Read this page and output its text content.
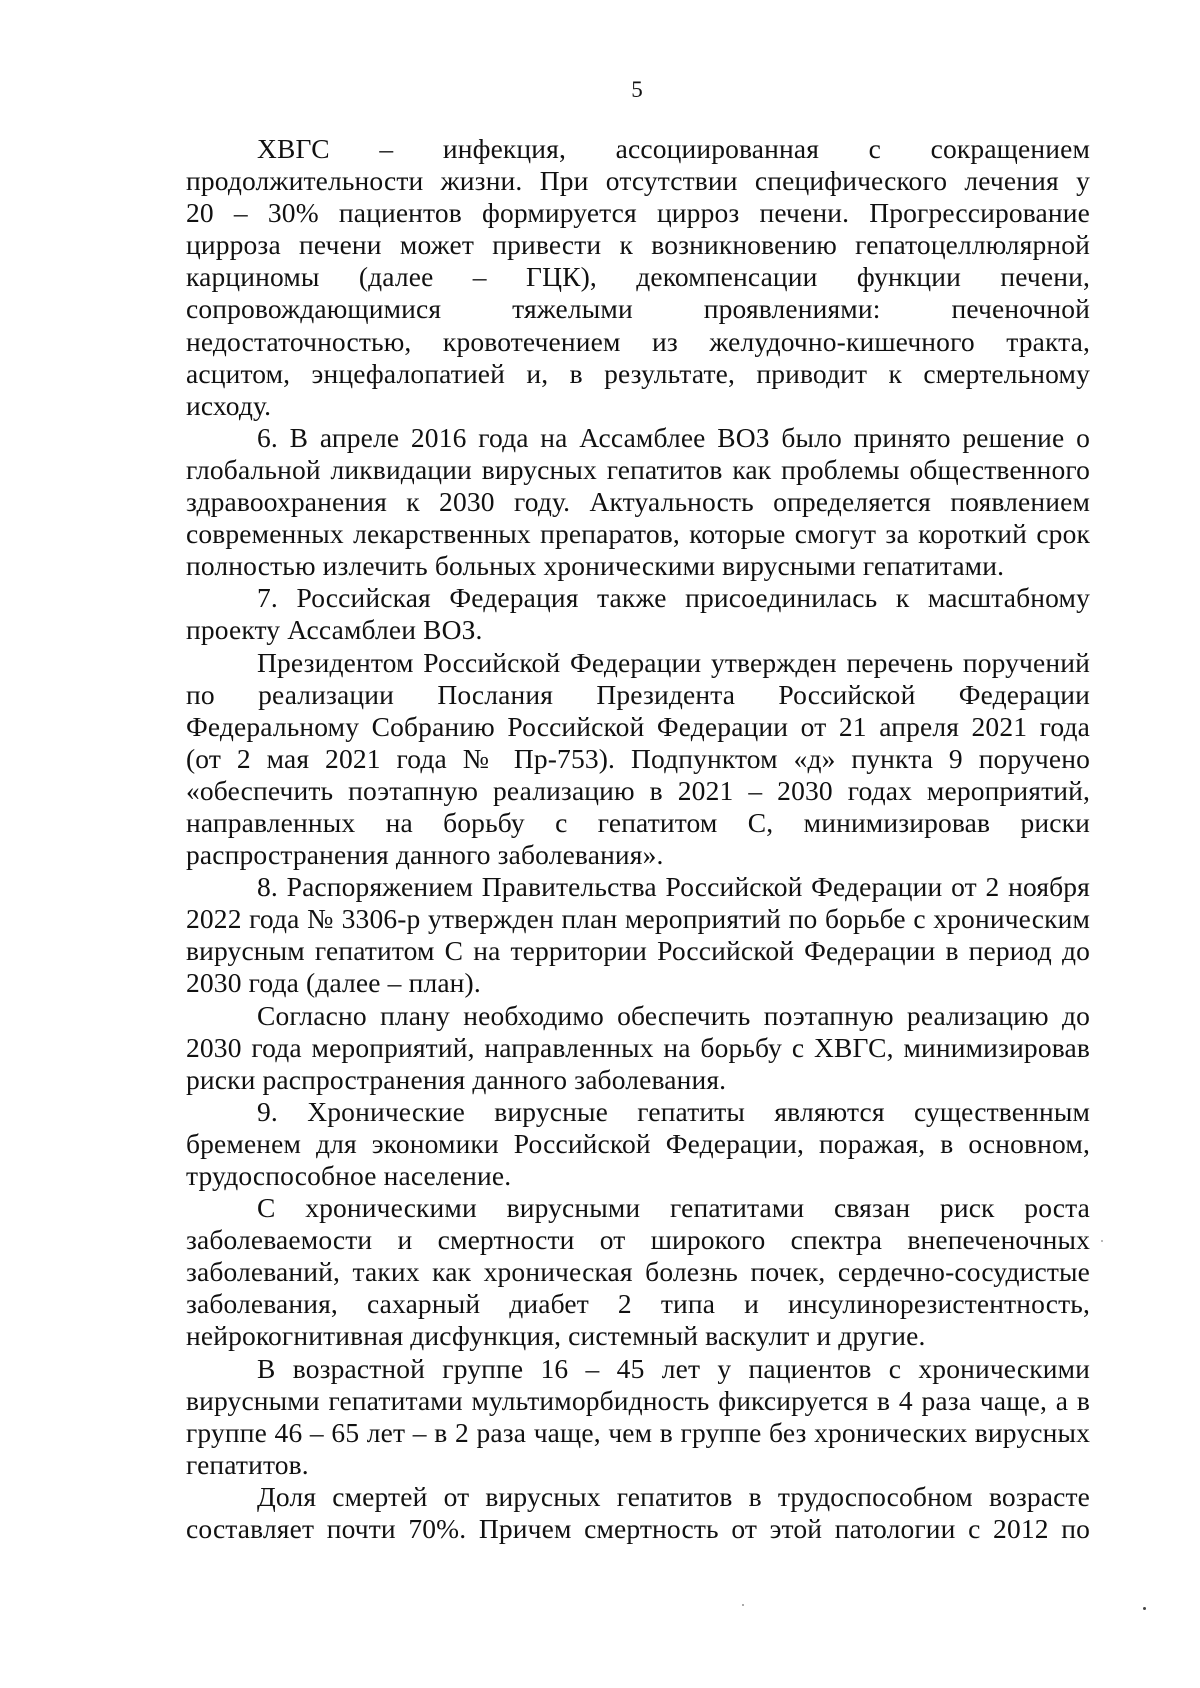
5

ХВГС – инфекция, ассоциированная с сокращением
продолжительности жизни. При отсутствии специфического лечения у
20 – 30% пациентов формируется цирроз печени. Прогрессирование
цирроза печени может привести к возникновению гепатоцеллюлярной
карциномы (далее – ГЦК), декомпенсации функции печени,
сопровождающимися тяжелыми проявлениями: печеночной
недостаточностью, кровотечением из желудочно-кишечного тракта,
асцитом, энцефалопатией и, в результате, приводит к смертельному
исходу.

6. В апреле 2016 года на Ассамблее ВОЗ было принято решение о
глобальной ликвидации вирусных гепатитов как проблемы общественного
здравоохранения к 2030 году. Актуальность определяется появлением
современных лекарственных препаратов, которые смогут за короткий срок
полностью излечить больных хроническими вирусными гепатитами.

7. Российская Федерация также присоединилась к масштабному
проекту Ассамблеи ВОЗ.

Президентом Российской Федерации утвержден перечень поручений
по реализации Послания Президента Российской Федерации
Федеральному Собранию Российской Федерации от 21 апреля 2021 года
(от 2 мая 2021 года № Пр-753). Подпунктом «д» пункта 9 поручено
«обеспечить поэтапную реализацию в 2021 – 2030 годах мероприятий,
направленных на борьбу с гепатитом С, минимизировав риски
распространения данного заболевания».

8. Распоряжением Правительства Российской Федерации от 2 ноября
2022 года № 3306-р утвержден план мероприятий по борьбе с хроническим
вирусным гепатитом С на территории Российской Федерации в период до
2030 года (далее – план).

Согласно плану необходимо обеспечить поэтапную реализацию до
2030 года мероприятий, направленных на борьбу с ХВГС, минимизировав
риски распространения данного заболевания.

9. Хронические вирусные гепатиты являются существенным
бременем для экономики Российской Федерации, поражая, в основном,
трудоспособное население.

С хроническими вирусными гепатитами связан риск роста
заболеваемости и смертности от широкого спектра внепеченочных
заболеваний, таких как хроническая болезнь почек, сердечно-сосудистые
заболевания, сахарный диабет 2 типа и инсулинорезистентность,
нейрокогнитивная дисфункция, системный васкулит и другие.

В возрастной группе 16 – 45 лет у пациентов с хроническими
вирусными гепатитами мультиморбидность фиксируется в 4 раза чаще, а в
группе 46 – 65 лет – в 2 раза чаще, чем в группе без хронических вирусных
гепатитов.

Доля смертей от вирусных гепатитов в трудоспособном возрасте
составляет почти 70%. Причем смертность от этой патологии с 2012 по
